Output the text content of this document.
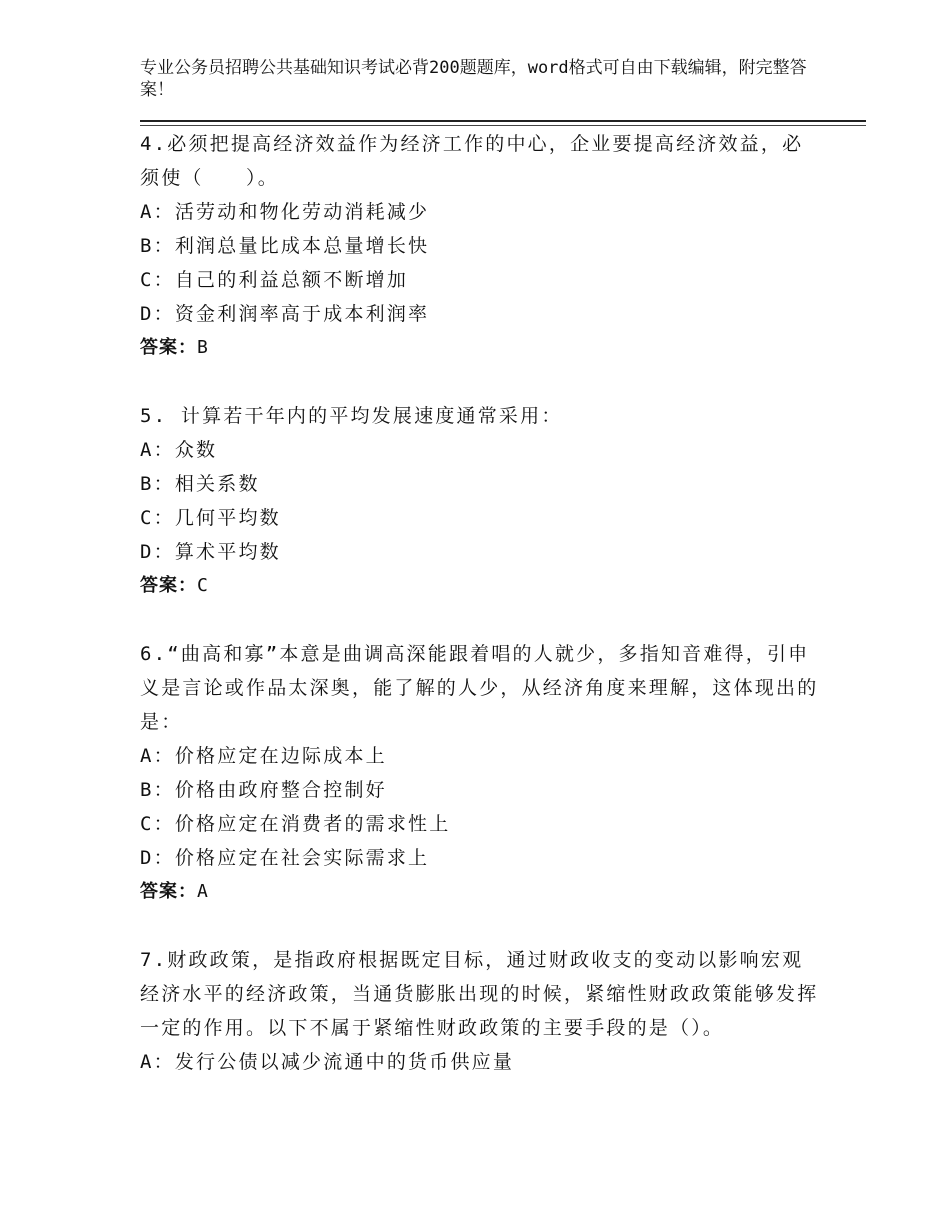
专业公务员招聘公共基础知识考试必背200题题库，word格式可自由下载编辑，附完整答案！
4.必须把提高经济效益作为经济工作的中心，企业要提高经济效益，必须使（　　）。
A：活劳动和物化劳动消耗减少
B：利润总量比成本总量增长快
C：自己的利益总额不断增加
D：资金利润率高于成本利润率
答案：B
5. 计算若干年内的平均发展速度通常采用：
A：众数
B：相关系数
C：几何平均数
D：算术平均数
答案：C
6.“曲高和寡”本意是曲调高深能跟着唱的人就少，多指知音难得，引申义是言论或作品太深奥，能了解的人少，从经济角度来理解，这体现出的是：
A：价格应定在边际成本上
B：价格由政府整合控制好
C：价格应定在消费者的需求性上
D：价格应定在社会实际需求上
答案：A
7.财政政策，是指政府根据既定目标，通过财政收支的变动以影响宏观经济水平的经济政策，当通货膨胀出现的时候，紧缩性财政政策能够发挥一定的作用。以下不属于紧缩性财政政策的主要手段的是（）。
A：发行公债以减少流通中的货币供应量
